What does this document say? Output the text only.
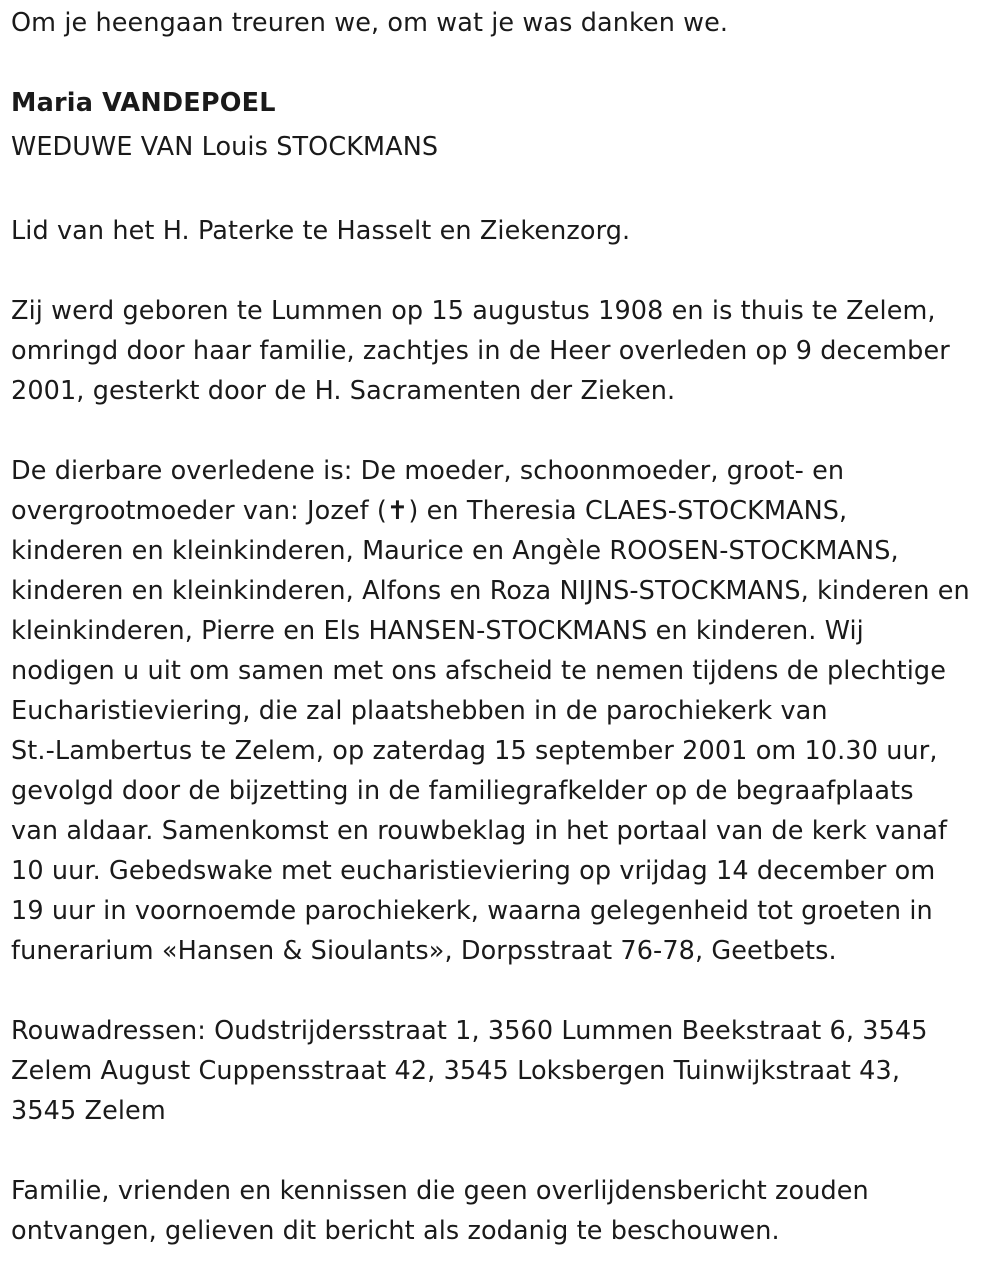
Om je heengaan treuren we, om wat je was danken we.

Maria VANDEPOEL

WEDUWE VAN Louis STOCKMANS

Lid van het H. Paterke te Hasselt en Ziekenzorg.

Zij werd geboren te Lummen op 15 augustus 1908 en is thuis te Zelem,

omringd door haar familie, zachtjes in de Heer overleden op 9 december

2001, gesterkt door de H. Sacramenten der Zieken.

De dierbare overledene is: De moeder, schoonmoeder, groot- en

overgrootmoeder van: Jozef (✝) en Theresia CLAES-STOCKMANS,

kinderen en kleinkinderen, Maurice en Angèle ROOSEN-STOCKMANS,

kinderen en kleinkinderen, Alfons en Roza NIJNS-STOCKMANS, kinderen en

kleinkinderen, Pierre en Els HANSEN-STOCKMANS en kinderen. Wij

nodigen u uit om samen met ons afscheid te nemen tijdens de plechtige

Eucharistieviering, die zal plaatshebben in de parochiekerk van

St.-Lambertus te Zelem, op zaterdag 15 september 2001 om 10.30 uur,

gevolgd door de bijzetting in de familiegrafkelder op de begraafplaats

van aldaar. Samenkomst en rouwbeklag in het portaal van de kerk vanaf

10 uur. Gebedswake met eucharistieviering op vrijdag 14 december om

19 uur in voornoemde parochiekerk, waarna gelegenheid tot groeten in

funerarium «Hansen & Sioulants», Dorpsstraat 76-78, Geetbets.

Rouwadressen: Oudstrijdersstraat 1, 3560 Lummen Beekstraat 6, 3545

Zelem August Cuppensstraat 42, 3545 Loksbergen Tuinwijkstraat 43,

3545 Zelem

Familie, vrienden en kennissen die geen overlijdensbericht zouden

ontvangen, gelieven dit bericht als zodanig te beschouwen.
